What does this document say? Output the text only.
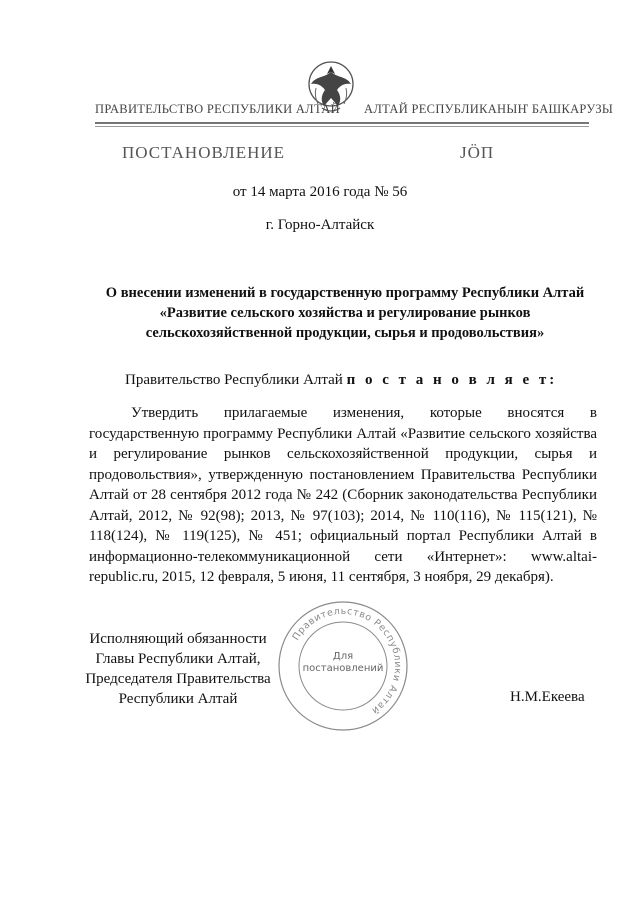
ПРАВИТЕЛЬСТВО РЕСПУБЛИКИ АЛТАЙ АЛТАЙ РЕСПУБЛИКАНЫҤ БАШКАРУЗЫ
ПОСТАНОВЛЕНИЕ	ЈӦП
от 14 марта 2016 года № 56
г. Горно-Алтайск
О внесении изменений в государственную программу Республики Алтай
«Развитие сельского хозяйства и регулирование рынков
сельскохозяйственной продукции, сырья и продовольствия»
Правительство Республики Алтай п о с т а н о в л я е т:
Утвердить прилагаемые изменения, которые вносятся в государственную программу Республики Алтай «Развитие сельского хозяйства и регулирование рынков сельскохозяйственной продукции, сырья и продовольствия», утвержденную постановлением Правительства Республики Алтай от 28 сентября 2012 года № 242 (Сборник законодательства Республики Алтай, 2012, № 92(98); 2013, № 97(103); 2014, № 110(116), № 115(121), № 118(124), № 119(125), № 451; официальный портал Республики Алтай в информационно-телекоммуникационной сети «Интернет»: www.altai-republic.ru, 2015, 12 февраля, 5 июня, 11 сентября, 3 ноября, 29 декабря).
Исполняющий обязанности
Главы Республики Алтай,
Председателя Правительства
Республики Алтай	Н.М.Екеева
Правительство Республики Алтай
Для
постановлений
